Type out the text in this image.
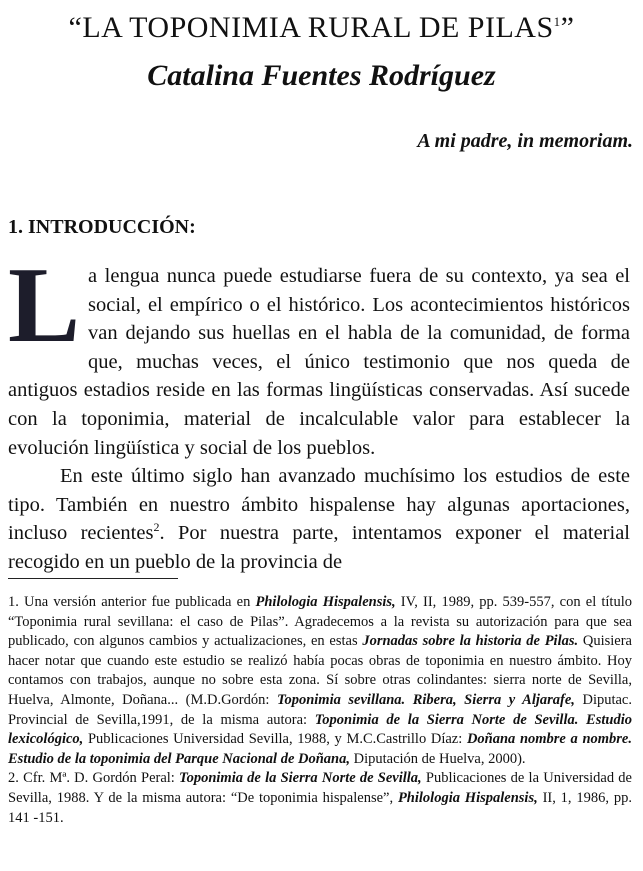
“LA TOPONIMIA RURAL DE PILAS$^1$”
Catalina Fuentes Rodríguez
A mi padre, in memoriam.
1. INTRODUCCIÓN:

La lengua nunca puede estudiarse fuera de su contexto, ya sea el social, el empírico o el histórico. Los acontecimientos históricos van dejando sus huellas en el habla de la comunidad, de forma que, muchas veces, el único testimonio que nos queda de antiguos estadios reside en las formas lingüísticas conservadas. Así sucede con la toponimia, material de incalculable valor para establecer la evolución lingüística y social de los pueblos.

En este último siglo han avanzado muchísimo los estudios de este tipo. También en nuestro ámbito hispalense hay algunas aportaciones, incluso recientes$^2$. Por nuestra parte, intentamos exponer el material recogido en un pueblo de la provincia de

1. Una versión anterior fue publicada en Philologia Hispalensis, IV, II, 1989, pp. 539-557, con el título “Toponimia rural sevillana: el caso de Pilas”. Agradecemos a la revista su autorización para que sea publicado, con algunos cambios y actualizaciones, en estas Jornadas sobre la historia de Pilas. Quisiera hacer notar que cuando este estudio se realizó había pocas obras de toponimia en nuestro ámbito. Hoy contamos con trabajos, aunque no sobre esta zona. Sí sobre otras colindantes: sierra norte de Sevilla, Huelva, Almonte, Doñana... (M.D.Gordón: Toponimia sevillana. Ribera, Sierra y Aljarafe, Diputac. Provincial de Sevilla,1991, de la misma autora: Toponimia de la Sierra Norte de Sevilla. Estudio lexicológico, Publicaciones Universidad Sevilla, 1988, y M.C.Castrillo Díaz: Doñana nombre a nombre. Estudio de la toponimia del Parque Nacional de Doñana, Diputación de Huelva, 2000).

2. Cfr. Mª. D. Gordón Peral: Toponimia de la Sierra Norte de Sevilla, Publicaciones de la Universidad de Sevilla, 1988. Y de la misma autora: “De toponimia hispalense”, Philologia Hispalensis, II, 1, 1986, pp. 141 -151.
